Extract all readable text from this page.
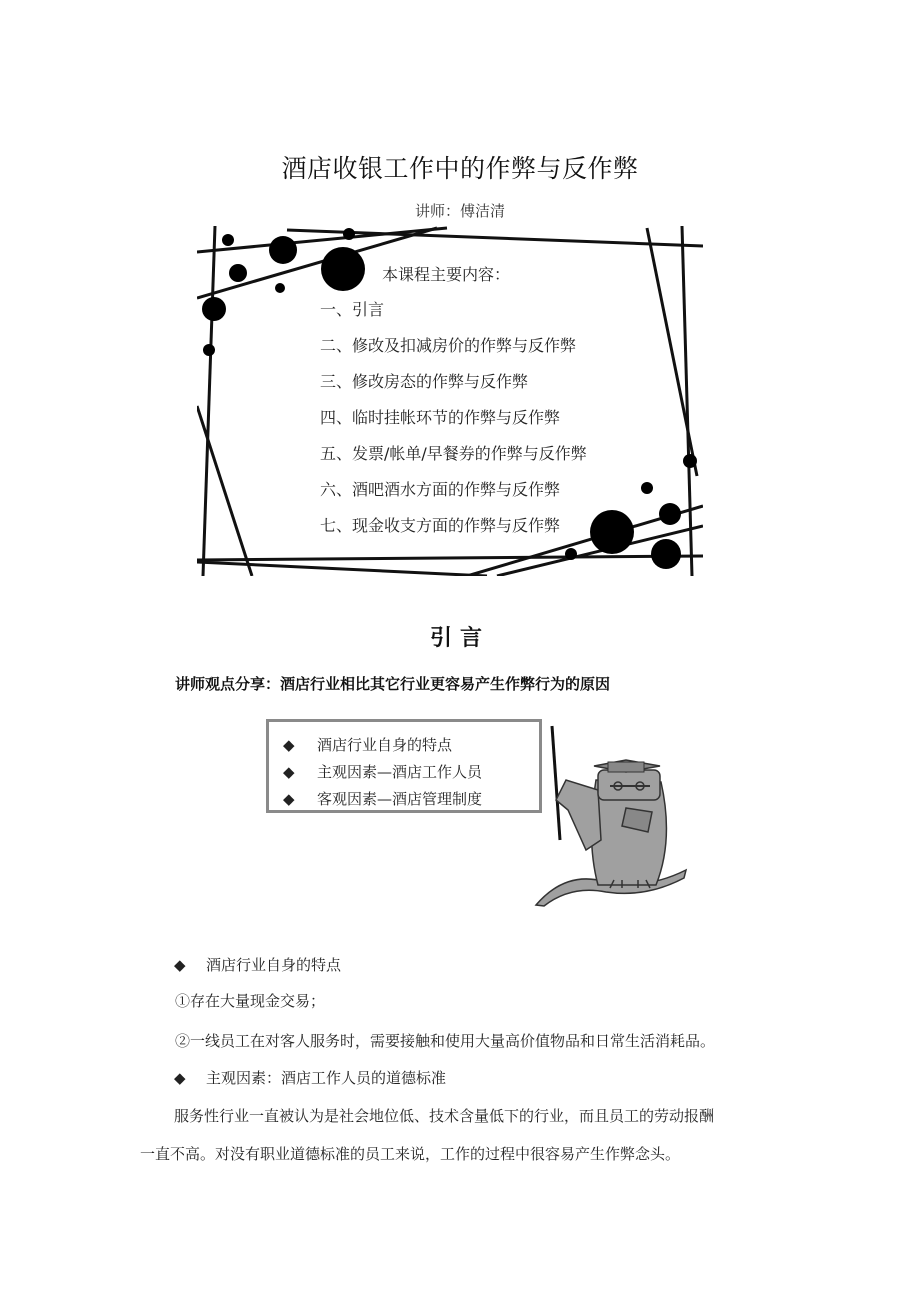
酒店收银工作中的作弊与反作弊
讲师：傅洁清
本课程主要内容：
一、引言
二、修改及扣减房价的作弊与反作弊
三、修改房态的作弊与反作弊
四、临时挂帐环节的作弊与反作弊
五、发票/帐单/早餐券的作弊与反作弊
六、酒吧酒水方面的作弊与反作弊
七、现金收支方面的作弊与反作弊
引言
讲师观点分享：酒店行业相比其它行业更容易产生作弊行为的原因
◆ 酒店行业自身的特点
◆ 主观因素—酒店工作人员
◆ 客观因素—酒店管理制度
◆ 酒店行业自身的特点
①存在大量现金交易；
②一线员工在对客人服务时，需要接触和使用大量高价值物品和日常生活消耗品。
◆ 主观因素：酒店工作人员的道德标准
服务性行业一直被认为是社会地位低、技术含量低下的行业，而且员工的劳动报酬
一直不高。对没有职业道德标准的员工来说，工作的过程中很容易产生作弊念头。
